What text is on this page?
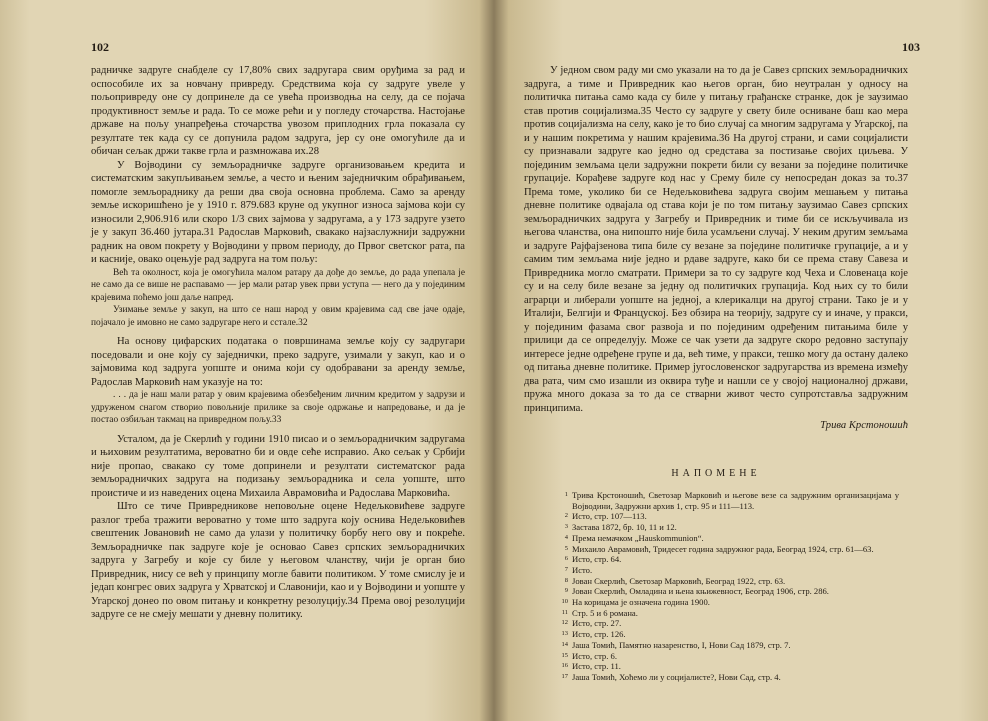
102

радничке задруге снабделе су 17,80% свих задругара свим оруђима за рад и оспособиле их за новчану привреду. Средствима која су задруге увеле у пољопривреду оне су допринеле да се увећа производња на селу, да се појача продуктивност земље и рада. То се може рећи и у погледу сточарства. Настојање државе на пољу унапређења сточарства увозом приплодних грла показала су резултате тек када су се допунила радом задруга, јер су оне омогућиле да и обичан сељак држи такве грла и размножава их.28

У Војводини су земљорадничке задруге организовањем кредита и систематским закупљивањем земље, а често и њеним заједничким обрађивањем, помогле земљораднику да реши два своја основна проблема. Само за аренду земље искоришћено је у 1910 г. 879.683 круне од укупног износа зајмова који су износили 2,906.916 или скоро 1/3 свих зајмова у задругама, а у 173 задруге узето је у закуп 36.460 јутара.31 Радослав Марковић, свакако најзаслужнији задружни радник на овом покрету у Војводини у првом периоду, до Првог светског рата, па и касније, овако оцењује рад задруга на том пољу:

Већ та околност, која је омогућила малом ратару да дође до земље, до рада упепала је не само да се више не распавамо — јер мали ратар увек први уступа — него да у појединим крајевима поћемо још даље напред.

Узимање земље у закуп, на што се наш народ у овим крајевима сад све јаче одаје, појачало је имовно не само задругаре него и сстале.32

На основу цифарских података о површинама земље коју су задругари поседовали и оне коју су заједнички, преко задруге, узимали у закуп, као и о зајмовима код задруга уопште и онима који су одобравани за аренду земље, Радослав Марковић нам указује на то:

. . . да је наш мали ратар у овим крајевима обезбеђеним личним кредитом у задрузи и удруженом снагом створио повољније прилике за своје одржање и напредовање, и да је постао озбиљан такмац на привредном пољу.33

Усталом, да је Скерлић у години 1910 писао и о земљорадничким задругама и њиховим резултатима, вероватно би и овде сеће исправио. Ако сељак у Србији није пропао, свакако су томе допринели и резултати систематског рада земљорадничких задруга на подизању земљорадника и села уопште, што проистиче и из наведених оцена Михаила Аврамовића и Радослава Марковића.

Што се тиче Привредникове неповољне оцене Недељковићеве задруге разлог треба тражити вероватно у томе што задруга коју оснива Недељковићев свештеник Јовановић не само да улази у политичку борбу него ову и покреће. Земљорадничке пак задруге које је основао Савез српских земљорадничких задруга у Загребу и које су биле у његовом чланству, чији је орган био Привредник, нису се већ у принципу могле бавити политиком. У томе смислу је и једап конгрес ових задруга у Хрватској и Славонији, као и у Војводини и уопште у Угарској донео по овом питању и конкретну резолуцију.34 Према овој резолуцији задруге се не смеју мешати у дневну политику.

103

У једном свом раду ми смо указали на то да је Савез српских земљорадничких задруга, а тиме и Привредник као његов орган, био неутралан у односу на политичка питања само када су биле у питању грађанске странке, док је заузимао став против социјализма.35 Често су задруге у свету биле осниване баш као мера против социјализма на селу, како је то био случај са многим задругама у Угарској, па и у нашим покретима у нашим крајевима.36 На другој страни, и сами социјалисти су признавали задруге као једно од средстава за постизање својих циљева. У појединим земљама цели задружни покрети били су везани за поједине политичке групације. Корађеве задруге код нас у Срему биле су непосредан доказ за то.37 Према томе, уколико би се Недељковићева задруга својим мешањем у питања дневне политике одвајала од става који је по том питању заузимао Савез српских земљорадничких задруга у Загребу и Привредник и тиме би се искључивала из његова чланства, она нипошто није била усамљени случај. У неким другим земљама и задруге Рајфајзенова типа биле су везане за поједине политичке групације, а и у самим тим земљама није једно и рдаве задруге, како би се према ставу Савеза и Привредника могло сматрати. Примери за то су задруге код Чеха и Словенаца које су и на селу биле везане за једну од политичких групација. Код њих су то били аграрци и либерали уопште на једној, а клерикалци на другој страни. Тако је и у Италији, Белгији и Француској. Без обзира на теорију, задруге су и иначе, у пракси, у појединим фазама свог развоја и по појединим одређеним питањима биле у прилици да се определују. Може се чак узети да задруге скоро редовно заступају интересе једне одређене групе и да, већ тиме, у пракси, тешко могу да остану далеко од питања дневне политике. Пример југословенског задругарства из времена између два рата, чим смо изашли из оквира туђе и нашли се у својој националној држави, пружа много доказа за то да се стварни живот често супротставља задружним принципима.

Трива Крстоношић
НАПОМЕНЕ
1 Трива Крстоношић, Светозар Марковић и његове везе са задружним организацијама у Војводини, Задружни архив 1, стр. 95 и 111—113.
2 Исто, стр. 107—113.
3 Застава 1872, бр. 10, 11 и 12.
4 Према немачком „Наuskommunion“.
5 Михаило Аврамовић, Тридесет година задружног рада, Београд 1924, стр. 61—63.
6 Исто, стр. 64.
7 Исто.
8 Јован Скерлић, Светозар Марковић, Београд 1922, стр. 63.
9 Јован Скерлић, Омладина и њена књижевност, Београд 1906, стр. 286.
10 На корицама је означена година 1900.
11 Стр. 5 и 6 романа.
12 Исто, стр. 27.
13 Исто, стр. 126.
14 Јаша Томић, Памятно назаренство, I, Нови Сад 1879, стр. 7.
15 Исто, стр. 6.
16 Исто, стр. 11.
17 Јаша Томић, Хоћемо ли у социјалисте?, Нови Сад, стр. 4.
